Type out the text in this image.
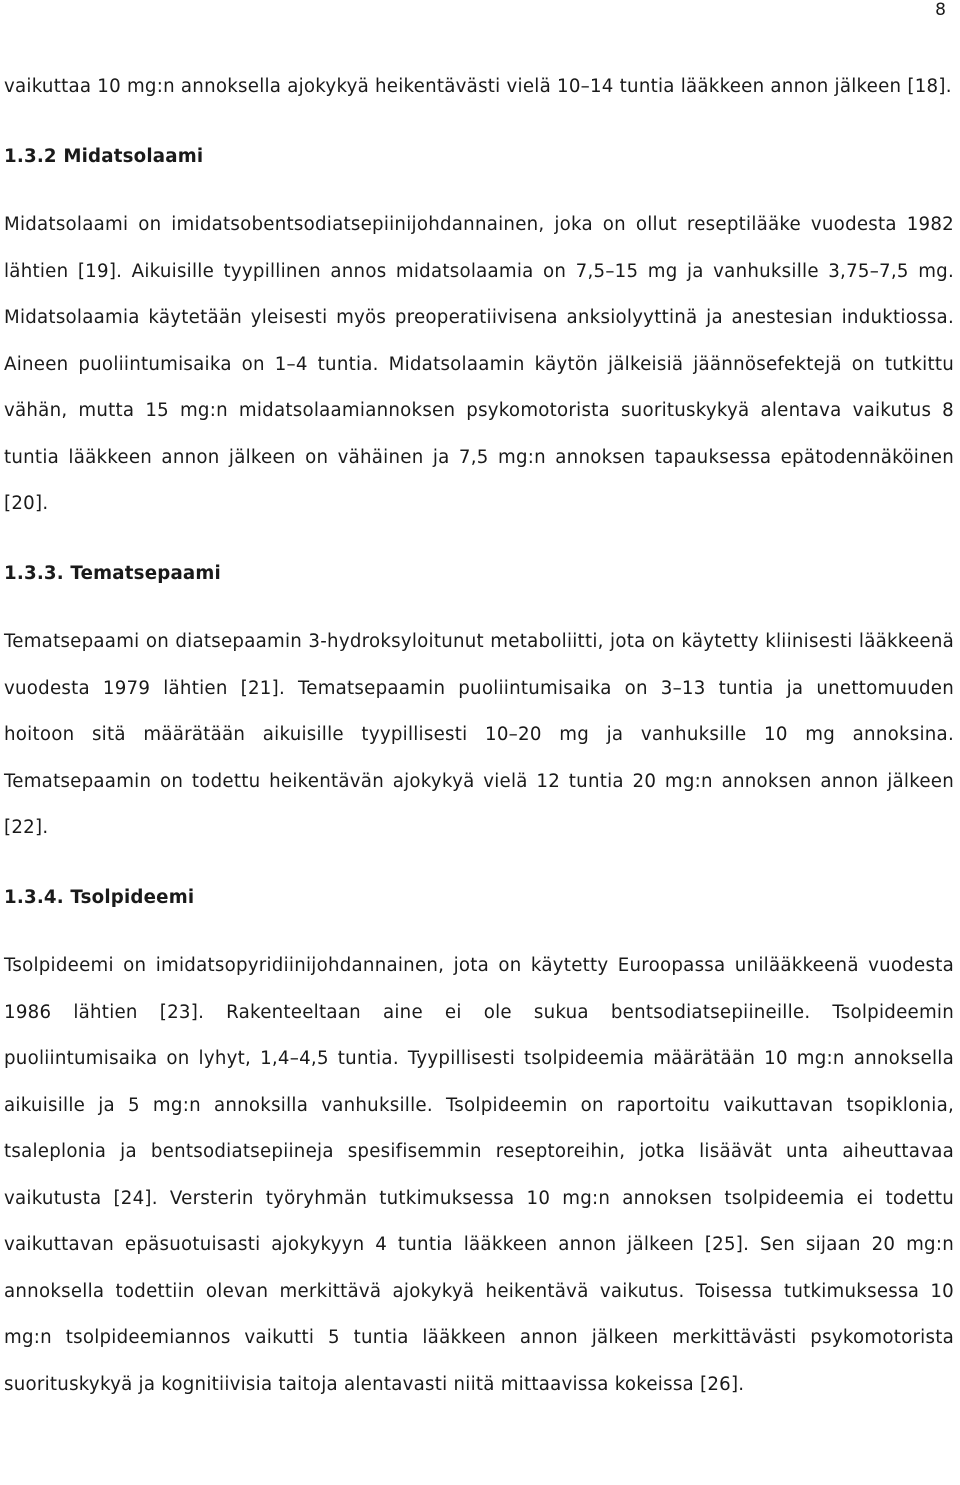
8

vaikuttaa 10 mg:n annoksella ajokykyä heikentävästi vielä 10–14 tuntia lääkkeen annon jälkeen [18].

1.3.2 Midatsolaami

Midatsolaami on imidatsobentsodiatsepiinijohdannainen, joka on ollut reseptilääke vuodesta 1982 lähtien [19]. Aikuisille tyypillinen annos midatsolaamia on 7,5–15 mg ja vanhuksille 3,75–7,5 mg. Midatsolaamia käytetään yleisesti myös preoperatiivisena anksiolyyttinä ja anestesian induktiossa. Aineen puoliintumisaika on 1–4 tuntia. Midatsolaamin käytön jälkeisiä jäännösefektejä on tutkittu vähän, mutta 15 mg:n midatsolaamiannoksen psykomotorista suorituskykyä alentava vaikutus 8 tuntia lääkkeen annon jälkeen on vähäinen ja 7,5 mg:n annoksen tapauksessa epätodennäköinen [20].

1.3.3. Tematsepaami

Tematsepaami on diatsepaamin 3-hydroksyloitunut metaboliitti, jota on käytetty kliinisesti lääkkeenä vuodesta 1979 lähtien [21]. Tematsepaamin puoliintumisaika on 3–13 tuntia ja unettomuuden hoitoon sitä määrätään aikuisille tyypillisesti 10–20 mg ja vanhuksille 10 mg annoksina. Tematsepaamin on todettu heikentävän ajokykyä vielä 12 tuntia 20 mg:n annoksen annon jälkeen [22].

1.3.4. Tsolpideemi

Tsolpideemi on imidatsopyridiinijohdannainen, jota on käytetty Euroopassa unilääkkeenä vuodesta 1986 lähtien [23]. Rakenteeltaan aine ei ole sukua bentsodiatsepiineille. Tsolpideemin puoliintumisaika on lyhyt, 1,4–4,5 tuntia. Tyypillisesti tsolpideemia määrätään 10 mg:n annoksella aikuisille ja 5 mg:n annoksilla vanhuksille. Tsolpideemin on raportoitu vaikuttavan tsopiklonia, tsaleplonia ja bentsodiatsepiineja spesifisemmin reseptoreihin, jotka lisäävät unta aiheuttavaa vaikutusta [24]. Versterin työryhmän tutkimuksessa 10 mg:n annoksen tsolpideemia ei todettu vaikuttavan epäsuotuisasti ajokykyyn 4 tuntia lääkkeen annon jälkeen [25]. Sen sijaan 20 mg:n annoksella todettiin olevan merkittävä ajokykyä heikentävä vaikutus. Toisessa tutkimuksessa 10 mg:n tsolpideemiannos vaikutti 5 tuntia lääkkeen annon jälkeen merkittävästi psykomotorista suorituskykyä ja kognitiivisia taitoja alentavasti niitä mittaavissa kokeissa [26].
